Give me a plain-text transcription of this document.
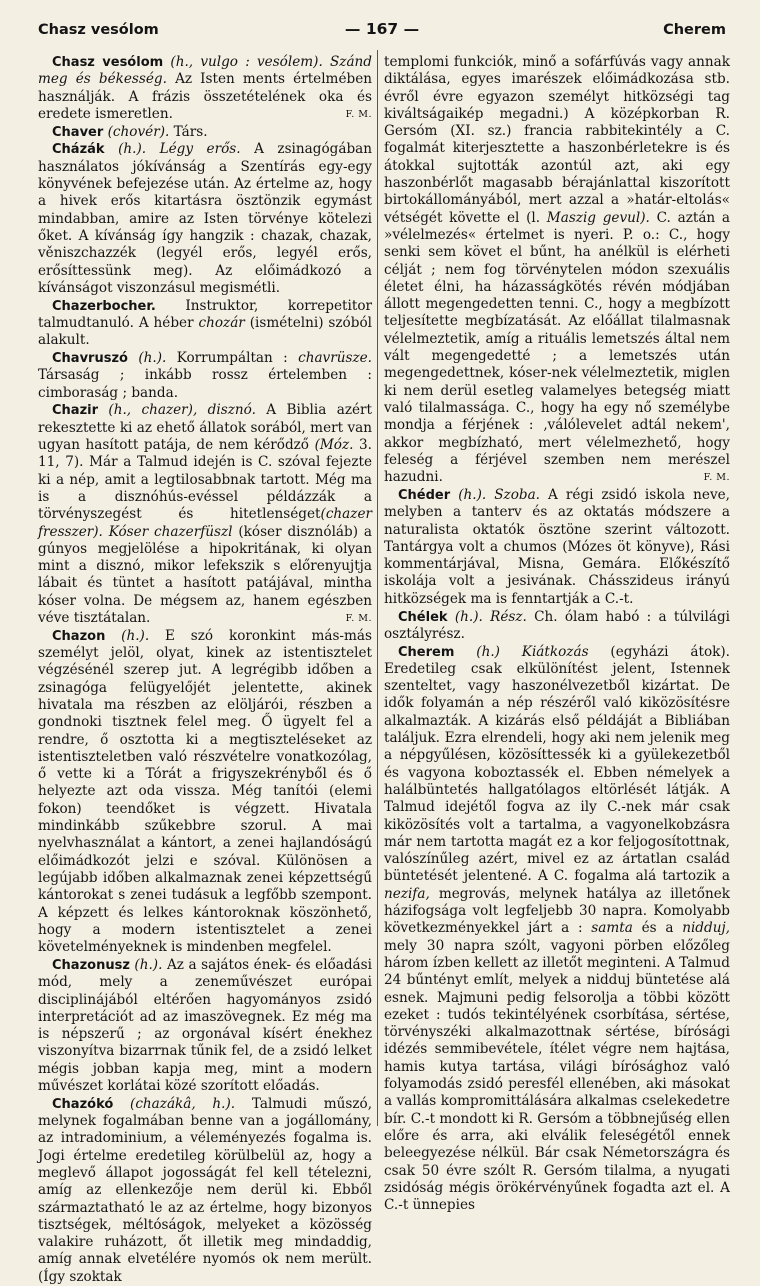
Chasz vesólom	— 167 —	Cherem

Chasz vesólom (h., vulgo : vesólem). Szánd meg és békesség. Az Isten ments értelmében használják. A frázis összetételének oka és eredete ismeretlen.	F. M.

Chaver (chovér). Társ.

Cházák (h.). Légy erős. A zsinagógában használatos jókívánság a Szentírás egy-egy könyvének befejezése után. Az értelme az, hogy a hivek erős kitartásra ösztönzik egymást mindabban, amire az Isten törvénye kötelezi őket. A kívánság így hangzik : chazak, chazak, věniszchazzék (legyél erős, legyél erős, erősíttessünk meg). Az előimádkozó a kívánságot viszonzásul megismétli.

Chazerbocher. Instruktor, korrepetitor talmudtanuló. A héber chozár (ismételni) szóból alakult.

Chavruszó (h.). Korrumpáltan : chavrüsze. Társaság ; inkább rossz értelemben : cimboraság ; banda.

Chazir (h., chazer), disznó. A Biblia azért rekesztette ki az ehető állatok sorából, mert van ugyan hasított patája, de nem kérődző (Móz. 3. 11, 7). Már a Talmud idején is C. szóval fejezte ki a nép, amit a legtilosabbnak tartott. Még ma is a disznóhús-evéssel példázzák a törvényszegést és hitetlenséget(chazer fresszer). Kóser chazerfüszl (kóser disznóláb) a gúnyos megjelölése a hipokritának, ki olyan mint a disznó, mikor lefekszik s előrenyujtja lábait és tüntet a hasított patájával, mintha kóser volna. De mégsem az, hanem egészben véve tisztátalan.	F. M.

Chazon (h.). E szó koronkint más-más személyt jelöl, olyat, kinek az istentisztelet végzésénél szerep jut. A legrégibb időben a zsinagóga felügyelőjét jelentette, akinek hivatala ma részben az elöljárói, részben a gondnoki tisztnek felel meg. Ő ügyelt fel a rendre, ő osztotta ki a megtiszteléseket az istentiszteletben való részvételre vonatkozólag, ő vette ki a Tórát a frigyszekrényből és ő helyezte azt oda vissza. Még tanítói (elemi fokon) teendőket is végzett. Hivatala mindinkább szűkebbre szorul. A mai nyelvhasználat a kántort, a zenei hajlandóságú előimádkozót jelzi e szóval. Különösen a legújabb időben alkalmaznak zenei képzettségű kántorokat s zenei tudásuk a legfőbb szempont. A képzett és lelkes kántoroknak köszönhető, hogy a modern istentisztelet a zenei követelményeknek is mindenben megfelel.

Chazonusz (h.). Az a sajátos ének- és előadási mód, mely a zeneművészet európai disciplinájából eltérően hagyományos zsidó interpretációt ad az imaszövegnek. Ez még ma is népszerű ; az orgonával kísért énekhez viszonyítva bizarrnak tűnik fel, de a zsidó lelket mégis jobban kapja meg, mint a modern művészet korlátai közé szorított előadás.

Chazókó (chazákâ, h.). Talmudi műszó, melynek fogalmában benne van a jogállomány, az intradominium, a véleményezés fogalma is. Jogi értelme eredetileg körülbelül az, hogy a meglevő állapot jogosságát fel kell tételezni, amíg az ellenkezője nem derül ki. Ebből származtatható le az az értelme, hogy bizonyos tisztségek, méltóságok, melyeket a közösség valakire ruházott, őt illetik meg mindaddig, amíg annak elvetélére nyomós ok nem merült. (Így szoktak

templomi funkciók, minő a sofárfúvás vagy annak diktálása, egyes imarészek előimádkozása stb. évről évre egyazon személyt hitközségi tag kiváltságaikép megadni.) A középkorban R. Gersóm (XI. sz.) francia rabbitekintély a C. fogalmát kiterjesztette a haszonbérletekre is és átokkal sujtották azontúl azt, aki egy haszonbérlőt magasabb bérajánlattal kiszorított birtokállományából, mert azzal a »határ-eltolás« vétségét követte el (l. Maszig gevul). C. aztán a »vélelmezés« értelmet is nyeri. P. o.: C., hogy senki sem követ el bűnt, ha anélkül is elérheti célját ; nem fog törvénytelen módon szexuális életet élni, ha házasságkötés révén módjában állott megengedetten tenni. C., hogy a megbízott teljesítette megbízatását. Az előállat tilalmasnak vélelmeztetik, amíg a rituális lemetszés által nem vált megengedetté ; a lemetszés után megengedettnek, kóser-nek vélelmeztetik, miglen ki nem derül esetleg valamelyes betegség miatt való tilalmassága. C., hogy ha egy nő személybe mondja a férjének : ‚válólevelet adtál nekem', akkor megbízható, mert vélelmezhető, hogy feleség a férjével szemben nem merészel hazudni.	F. M.

Chéder (h.). Szoba. A régi zsidó iskola neve, melyben a tanterv és az oktatás módszere a naturalista oktatók ösztöne szerint változott. Tantárgya volt a chumos (Mózes öt könyve), Rási kommentárjával, Misna, Gemára. Előkészítő iskolája volt a jesivának. Chásszideus irányú hitközségek ma is fenntartják a C.-t.

Chélek (h.). Rész. Ch. ólam habó : a túlvilági osztályrész.

Cherem (h.) Kiátkozás (egyházi átok). Eredetileg csak elkülönítést jelent, Istennek szenteltet, vagy haszonélvezetből kizártat. De idők folyamán a nép részéről való kiközösítésre alkalmazták. A kizárás első példáját a Bibliában találjuk. Ezra elrendeli, hogy aki nem jelenik meg a népgyűlésen, közösíttessék ki a gyülekezetből és vagyona koboztassék el. Ebben némelyek a halálbüntetés hallgatólagos eltörlését látják. A Talmud idejétől fogva az ily C.-nek már csak kiközösítés volt a tartalma, a vagyonelkobzásra már nem tartotta magát ez a kor feljogosítottnak, valószínűleg azért, mivel ez az ártatlan család büntetését jelentené. A C. fogalma alá tartozik a nezifa, megrovás, melynek hatálya az illetőnek házifogsága volt legfeljebb 30 napra. Komolyabb következményekkel járt a : samta és a nidduj, mely 30 napra szólt, vagyoni pörben előzőleg három ízben kellett az illetőt meginteni. A Talmud 24 bűntényt említ, melyek a nidduj büntetése alá esnek. Majmuni pedig felsorolja a többi között ezeket : tudós tekintélyének csorbítása, sértése, törvényszéki alkalmazottnak sértése, bírósági idézés semmibevétele, ítélet végre nem hajtása, hamis kutya tartása, világi bírósághoz való folyamodás zsidó peresfél ellenében, aki másokat a vallás kompromittálására alkalmas cselekedetre bír. C.-t mondott ki R. Gersóm a többnejűség ellen előre és arra, aki elválik feleségétől ennek beleegyezése nélkül. Bár csak Németországra és csak 50 évre szólt R. Gersóm tilalma, a nyugati zsidóság mégis örökérvényűnek fogadta azt el. A C.-t ünnepies
